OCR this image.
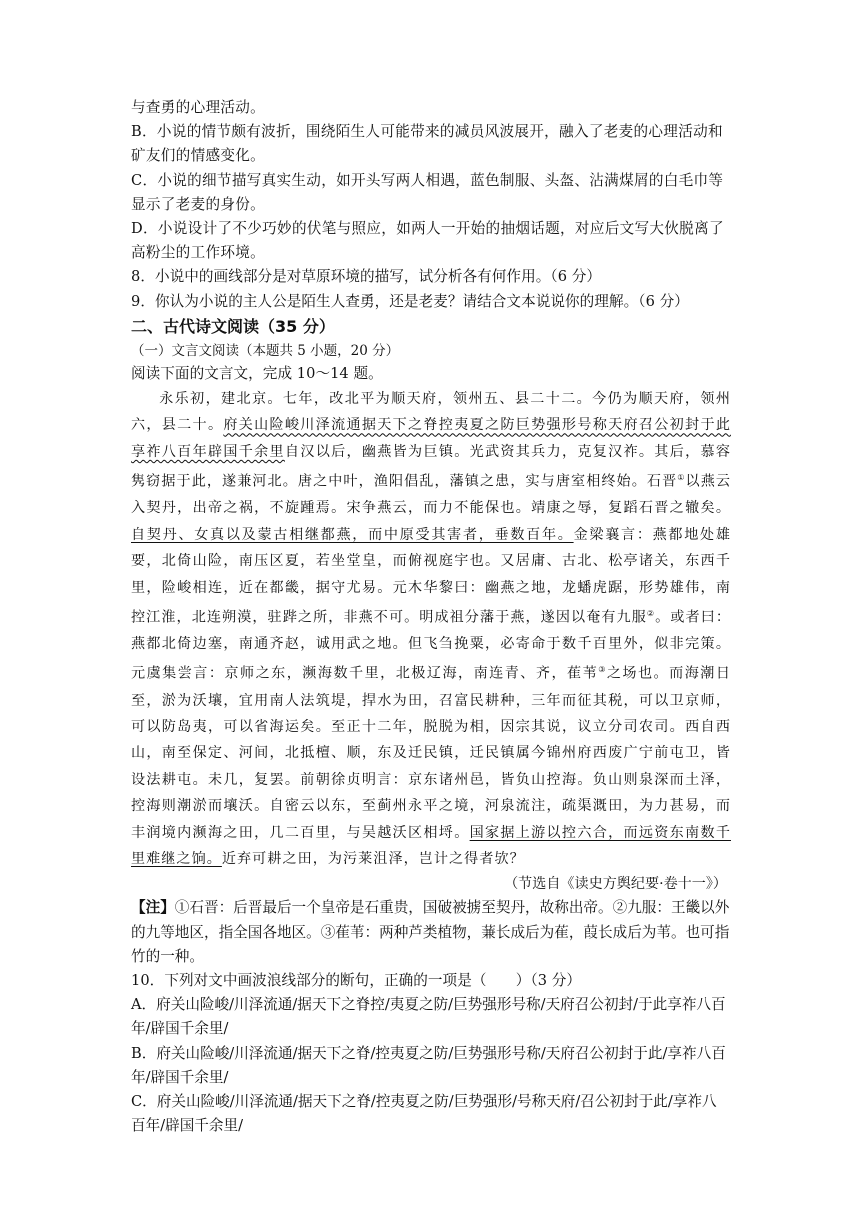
与查勇的心理活动。
B．小说的情节颇有波折，围绕陌生人可能带来的减员风波展开，融入了老麦的心理活动和矿友们的情感变化。
C．小说的细节描写真实生动，如开头写两人相遇，蓝色制服、头盔、沾满煤屑的白毛巾等显示了老麦的身份。
D．小说设计了不少巧妙的伏笔与照应，如两人一开始的抽烟话题，对应后文写大伙脱离了高粉尘的工作环境。
8．小说中的画线部分是对草原环境的描写，试分析各有何作用。（6 分）
9．你认为小说的主人公是陌生人查勇，还是老麦？请结合文本说说你的理解。（6 分）
二、古代诗文阅读（35 分）
（一）文言文阅读（本题共 5 小题，20 分）
阅读下面的文言文，完成 10～14 题。

永乐初，建北京。七年，改北平为顺天府，领州五、县二十二。今仍为顺天府，领州六，县二十。府关山险峻川泽流通据天下之脊控夷夏之防巨势强形号称天府召公初封于此享祚八百年辟国千余里自汉以后，幽燕皆为巨镇。光武资其兵力，克复汉祚。其后，慕容隽窃据于此，遂兼河北。唐之中叶，渔阳倡乱，藩镇之患，实与唐室相终始。石晋①以燕云入契丹，出帝之祸，不旋踵焉。宋争燕云，而力不能保也。靖康之辱，复蹈石晋之辙矣。自契丹、女真以及蒙古相继都燕，而中原受其害者，垂数百年。金梁襄言：燕都地处雄要，北倚山险，南压区夏，若坐堂皇，而俯视庭宇也。又居庸、古北、松亭诸关，东西千里，险峻相连，近在都畿，据守尤易。元木华黎曰：幽燕之地，龙蟠虎踞，形势雄伟，南控江淮，北连朔漠，驻跸之所，非燕不可。明成祖分藩于燕，遂因以奄有九服②。或者曰：燕都北倚边塞，南通齐赵，诚用武之地。但飞刍挽粟，必寄命于数千百里外，似非完策。元虞集尝言：京师之东，濒海数千里，北极辽海，南连青、齐，萑苇③之场也。而海潮日至，淤为沃壤，宜用南人法筑堤，捍水为田，召富民耕种，三年而征其税，可以卫京师，可以防岛夷，可以省海运矣。至正十二年，脱脱为相，因宗其说，议立分司农司。西自西山，南至保定、河间，北抵檀、顺，东及迁民镇，迁民镇属今锦州府西废广宁前屯卫，皆设法耕屯。未几，复罢。前朝徐贞明言：京东诸州邑，皆负山控海。负山则泉深而土泽，控海则潮淤而壤沃。自密云以东，至蓟州永平之境，河泉流注，疏渠溉田，为力甚易，而丰润境内濒海之田，几二百里，与吴越沃区相埒。国家据上游以控六合，而远资东南数千里难继之饷。近弃可耕之田，为污莱沮泽，岂计之得者欤？

（节选自《读史方舆纪要·卷十一》）
【注】①石晋：后晋最后一个皇帝是石重贵，国破被掳至契丹，故称出帝。②九服：王畿以外的九等地区，指全国各地区。③萑苇：两种芦类植物，蒹长成后为萑，葭长成后为苇。也可指竹的一种。
10．下列对文中画波浪线部分的断句，正确的一项是（　　）（3 分）
A．府关山险峻/川泽流通/据天下之脊控/夷夏之防/巨势强形号称/天府召公初封/于此享祚八百年/辟国千余里/
B．府关山险峻/川泽流通/据天下之脊/控夷夏之防/巨势强形号称/天府召公初封于此/享祚八百年/辟国千余里/
C．府关山险峻/川泽流通/据天下之脊/控夷夏之防/巨势强形/号称天府/召公初封于此/享祚八百年/辟国千余里/
